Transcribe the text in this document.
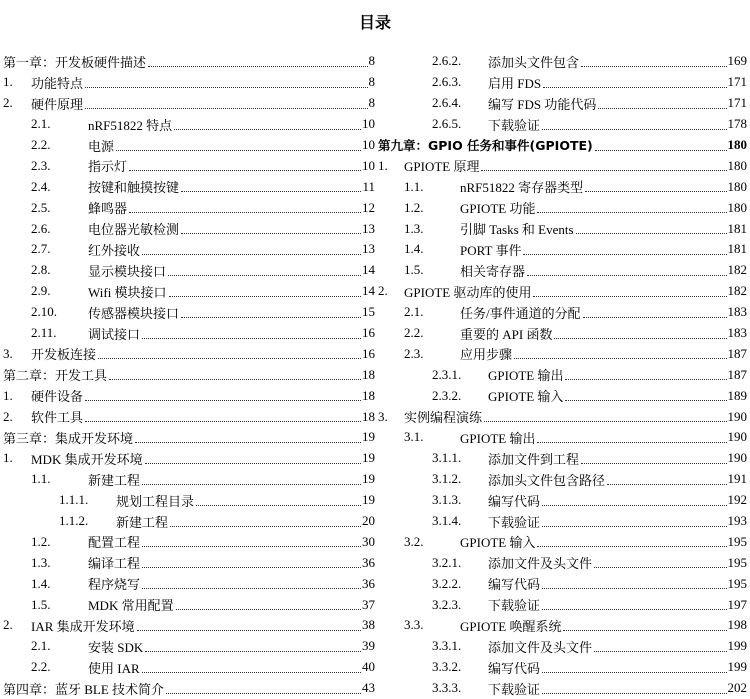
目录
第一章：开发板硬件描述	8
1.	功能特点	8
2.	硬件原理	8
2.1.	nRF51822 特点	10
2.2.	电源	10
2.3.	指示灯	10
2.4.	按键和触摸按键	11
2.5.	蜂鸣器	12
2.6.	电位器光敏检测	13
2.7.	红外接收	13
2.8.	显示模块接口	14
2.9.	Wifi 模块接口	14
2.10.	传感器模块接口	15
2.11.	调试接口	16
3.	开发板连接	16
第二章：开发工具	18
1.	硬件设备	18
2.	软件工具	18
第三章：集成开发环境	19
1.	MDK 集成开发环境	19
1.1.	新建工程	19
1.1.1.	规划工程目录	19
1.1.2.	新建工程	20
1.2.	配置工程	30
1.3.	编译工程	36
1.4.	程序烧写	36
1.5.	MDK 常用配置	37
2.	IAR 集成开发环境	38
2.1.	安装 SDK	39
2.2.	使用 IAR	40
第四章：蓝牙 BLE 技术简介	43
2.6.2.	添加头文件包含	169
2.6.3.	启用 FDS	171
2.6.4.	编写 FDS 功能代码	171
2.6.5.	下载验证	178
第九章：GPIO 任务和事件(GPIOTE)	180
1.	GPIOTE 原理	180
1.1.	nRF51822 寄存器类型	180
1.2.	GPIOTE 功能	180
1.3.	引脚 Tasks 和 Events	181
1.4.	PORT 事件	181
1.5.	相关寄存器	182
2.	GPIOTE 驱动库的使用	182
2.1.	任务/事件通道的分配	183
2.2.	重要的 API 函数	183
2.3.	应用步骤	187
2.3.1.	GPIOTE 输出	187
2.3.2.	GPIOTE 输入	189
3.	实例编程演练	190
3.1.	GPIOTE 输出	190
3.1.1.	添加文件到工程	190
3.1.2.	添加头文件包含路径	191
3.1.3.	编写代码	192
3.1.4.	下载验证	193
3.2.	GPIOTE 输入	195
3.2.1.	添加文件及头文件	195
3.2.2.	编写代码	195
3.2.3.	下载验证	197
3.3.	GPIOTE 唤醒系统	198
3.3.1.	添加文件及头文件	199
3.3.2.	编写代码	199
3.3.3.	下载验证	202
